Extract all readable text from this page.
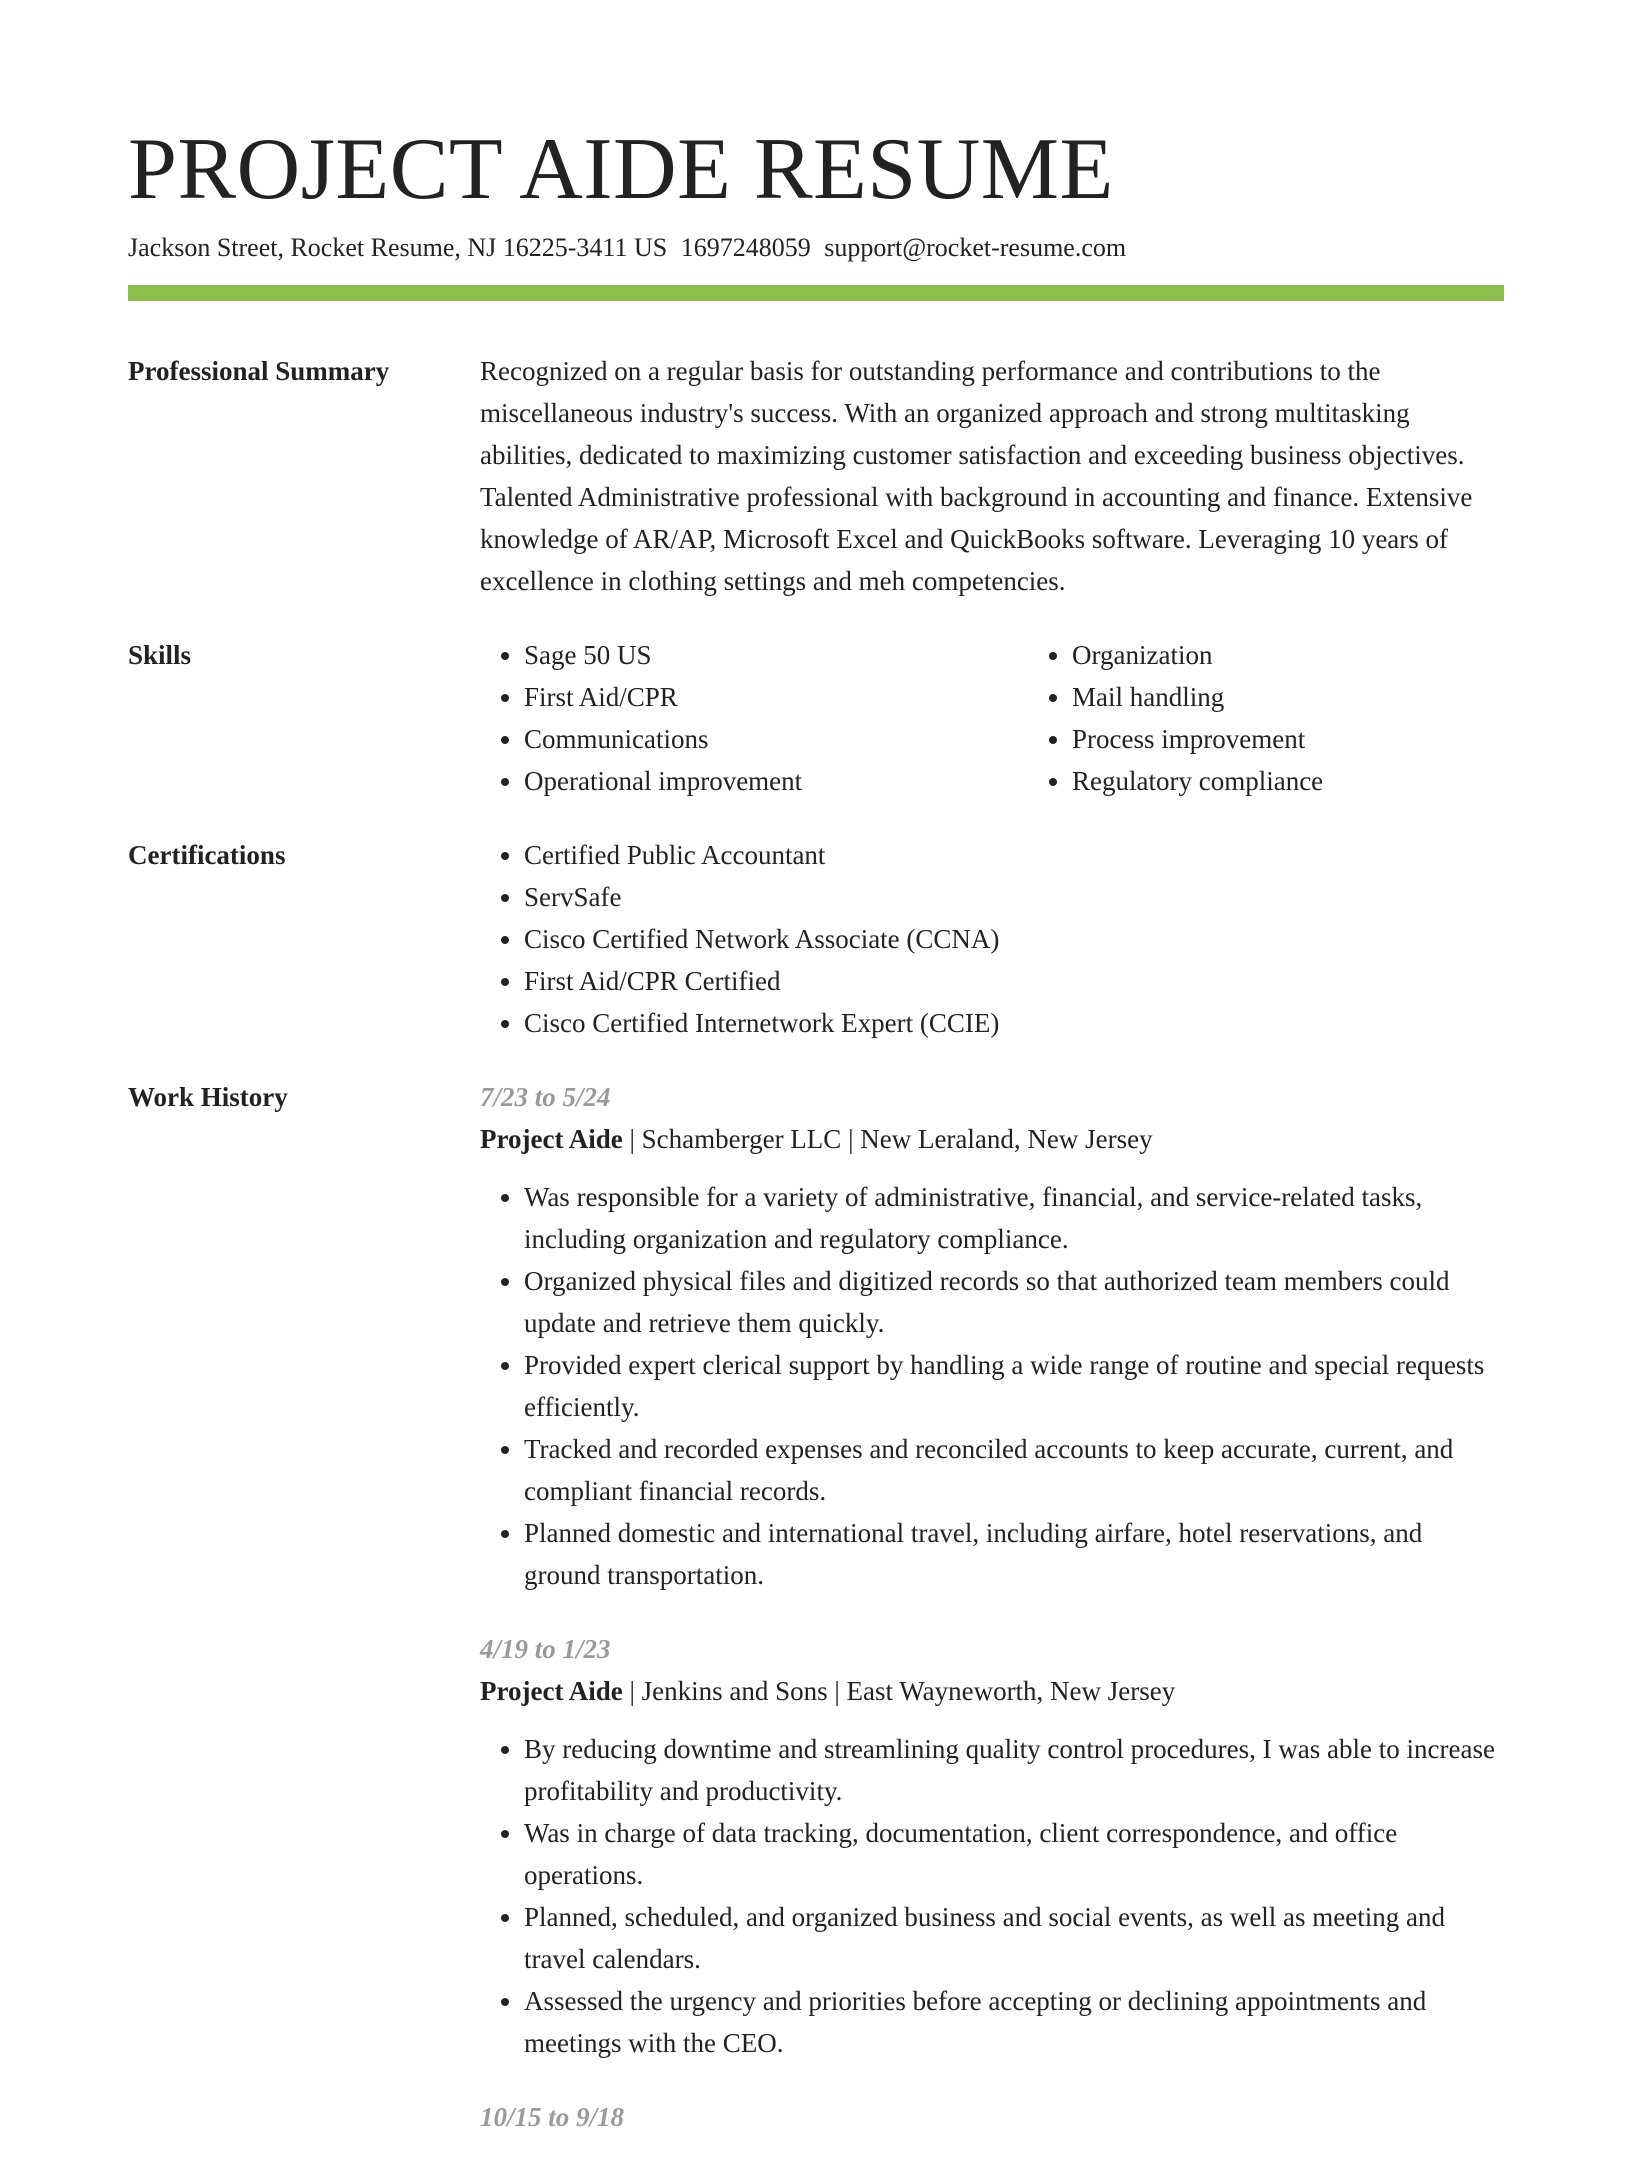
PROJECT AIDE RESUME
Jackson Street, Rocket Resume, NJ 16225-3411 US 1697248059 support@rocket-resume.com
Professional Summary	Recognized on a regular basis for outstanding performance and contributions to the miscellaneous industry's success. With an organized approach and strong multitasking abilities, dedicated to maximizing customer satisfaction and exceeding business objectives. Talented Administrative professional with background in accounting and finance. Extensive knowledge of AR/AP, Microsoft Excel and QuickBooks software. Leveraging 10 years of excellence in clothing settings and meh competencies.

Skills	• Sage 50 US
• First Aid/CPR
• Communications
• Operational improvement
• Organization
• Mail handling
• Process improvement
• Regulatory compliance
Certifications	• Certified Public Accountant
• ServSafe
• Cisco Certified Network Associate (CCNA)
• First Aid/CPR Certified
• Cisco Certified Internetwork Expert (CCIE)
Work History	7/23 to 5/24

Project Aide | Schamberger LLC | New Leraland, New Jersey

• Was responsible for a variety of administrative, financial, and service-related tasks, including organization and regulatory compliance.
• Organized physical files and digitized records so that authorized team members could update and retrieve them quickly.
• Provided expert clerical support by handling a wide range of routine and special requests efficiently.
• Tracked and recorded expenses and reconciled accounts to keep accurate, current, and compliant financial records.
• Planned domestic and international travel, including airfare, hotel reservations, and ground transportation.

4/19 to 1/23

Project Aide | Jenkins and Sons | East Wayneworth, New Jersey

• By reducing downtime and streamlining quality control procedures, I was able to increase profitability and productivity.
• Was in charge of data tracking, documentation, client correspondence, and office operations.
• Planned, scheduled, and organized business and social events, as well as meeting and travel calendars.
• Assessed the urgency and priorities before accepting or declining appointments and meetings with the CEO.

10/15 to 9/18
